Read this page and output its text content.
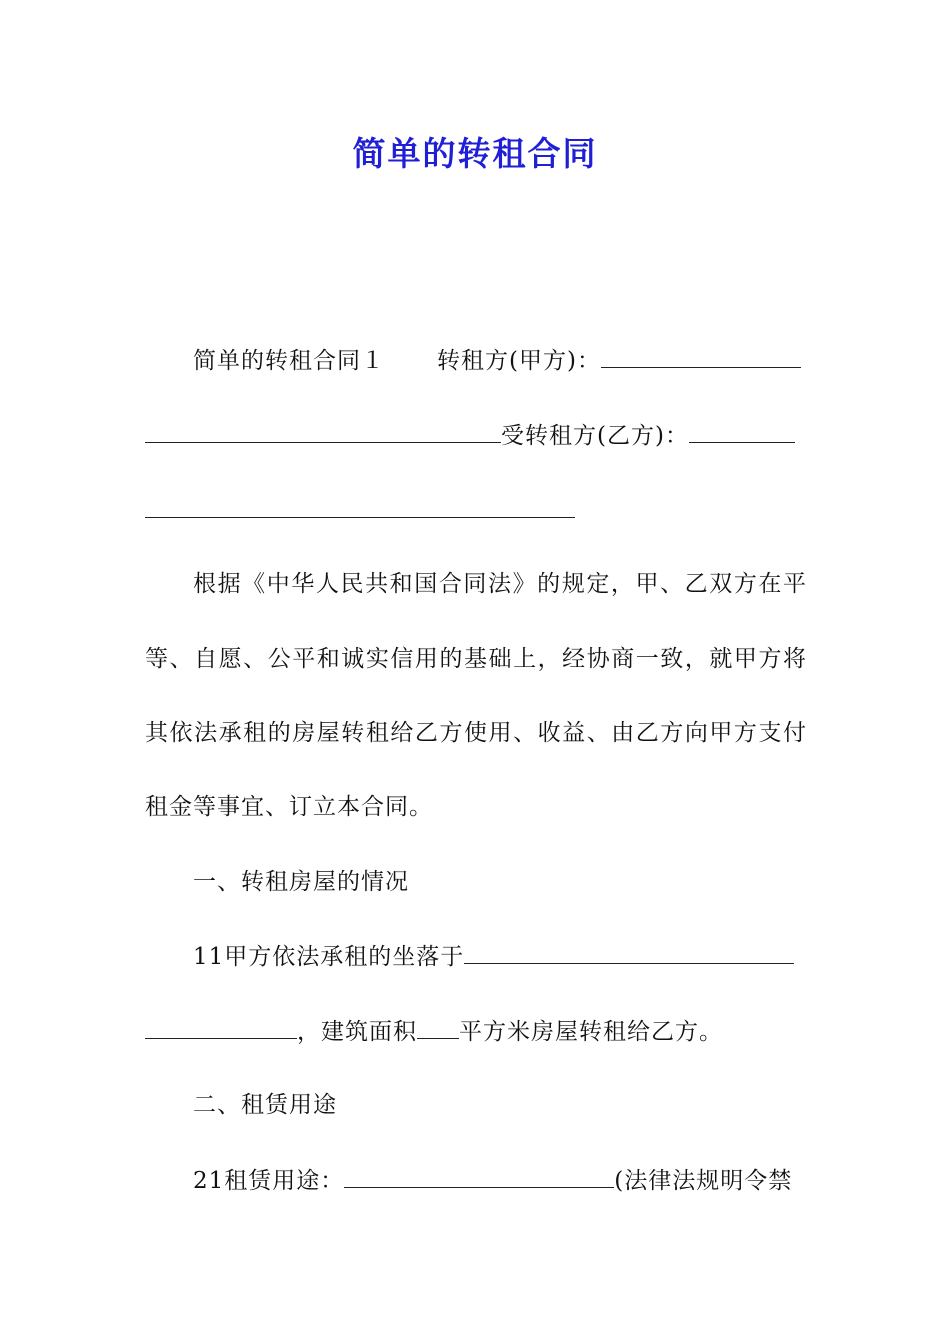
简单的转租合同
简单的转租合同１ 转租方(甲方)：
受转租方(乙方)：
根据《中华人民共和国合同法》的规定，甲、乙双方在平
等、自愿、公平和诚实信用的基础上，经协商一致，就甲方将
其依法承租的房屋转租给乙方使用、收益、由乙方向甲方支付
租金等事宜、订立本合同。
一、转租房屋的情况
11甲方依法承租的坐落于
，建筑面积 平方米房屋转租给乙方。
二、租赁用途
21租赁用途：	(法律法规明令禁
